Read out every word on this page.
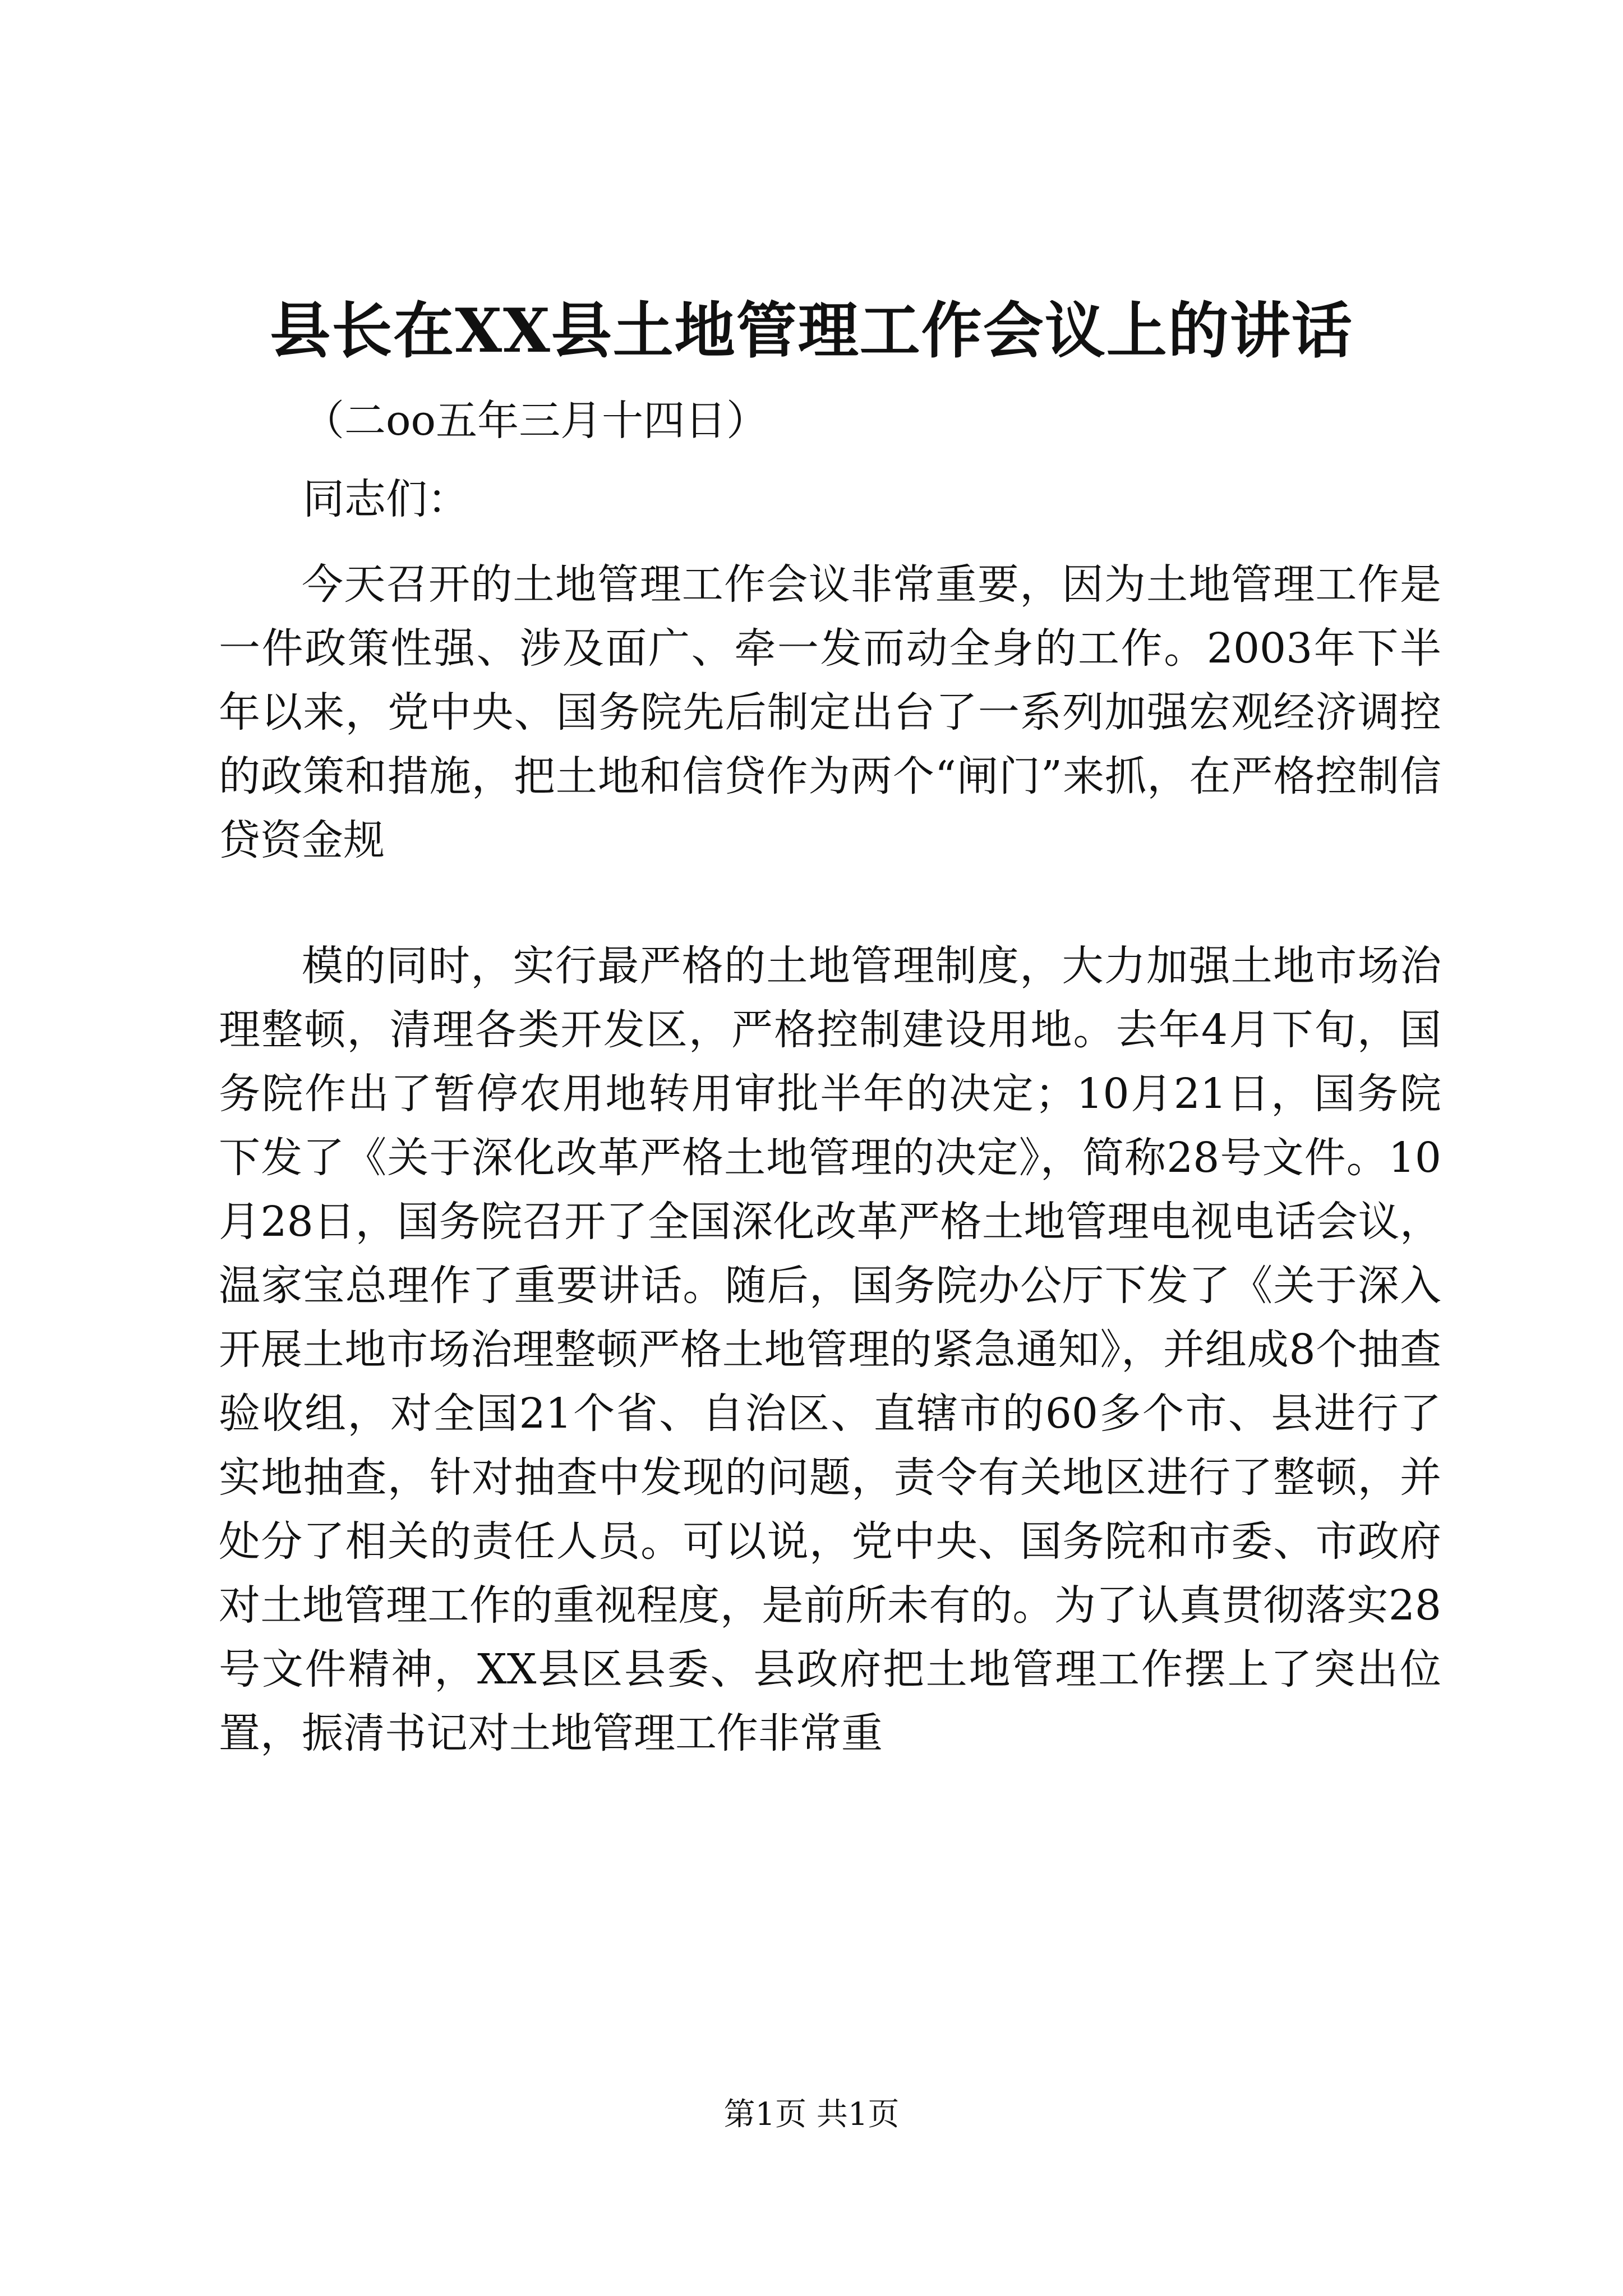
县长在XX县土地管理工作会议上的讲话
（二oo五年三月十四日）
同志们：

今天召开的土地管理工作会议非常重要，因为土地管理工作是一件政策性强、涉及面广、牵一发而动全身的工作。2003年下半年以来，党中央、国务院先后制定出台了一系列加强宏观经济调控的政策和措施，把土地和信贷作为两个“闸门”来抓，在严格控制信贷资金规

模的同时，实行最严格的土地管理制度，大力加强土地市场治理整顿，清理各类开发区，严格控制建设用地。去年4月下旬，国务院作出了暂停农用地转用审批半年的决定；10月21日，国务院下发了《关于深化改革严格土地管理的决定》，简称28号文件。10月28日，国务院召开了全国深化改革严格土地管理电视电话会议，温家宝总理作了重要讲话。随后，国务院办公厅下发了《关于深入开展土地市场治理整顿严格土地管理的紧急通知》，并组成8个抽查验收组，对全国21个省、自治区、直辖市的60多个市、县进行了实地抽查，针对抽查中发现的问题，责令有关地区进行了整顿，并处分了相关的责任人员。可以说，党中央、国务院和市委、市政府对土地管理工作的重视程度，是前所未有的。为了认真贯彻落实28号文件精神，XX县区县委、县政府把土地管理工作摆上了突出位置，振清书记对土地管理工作非常重

第1页 共1页
